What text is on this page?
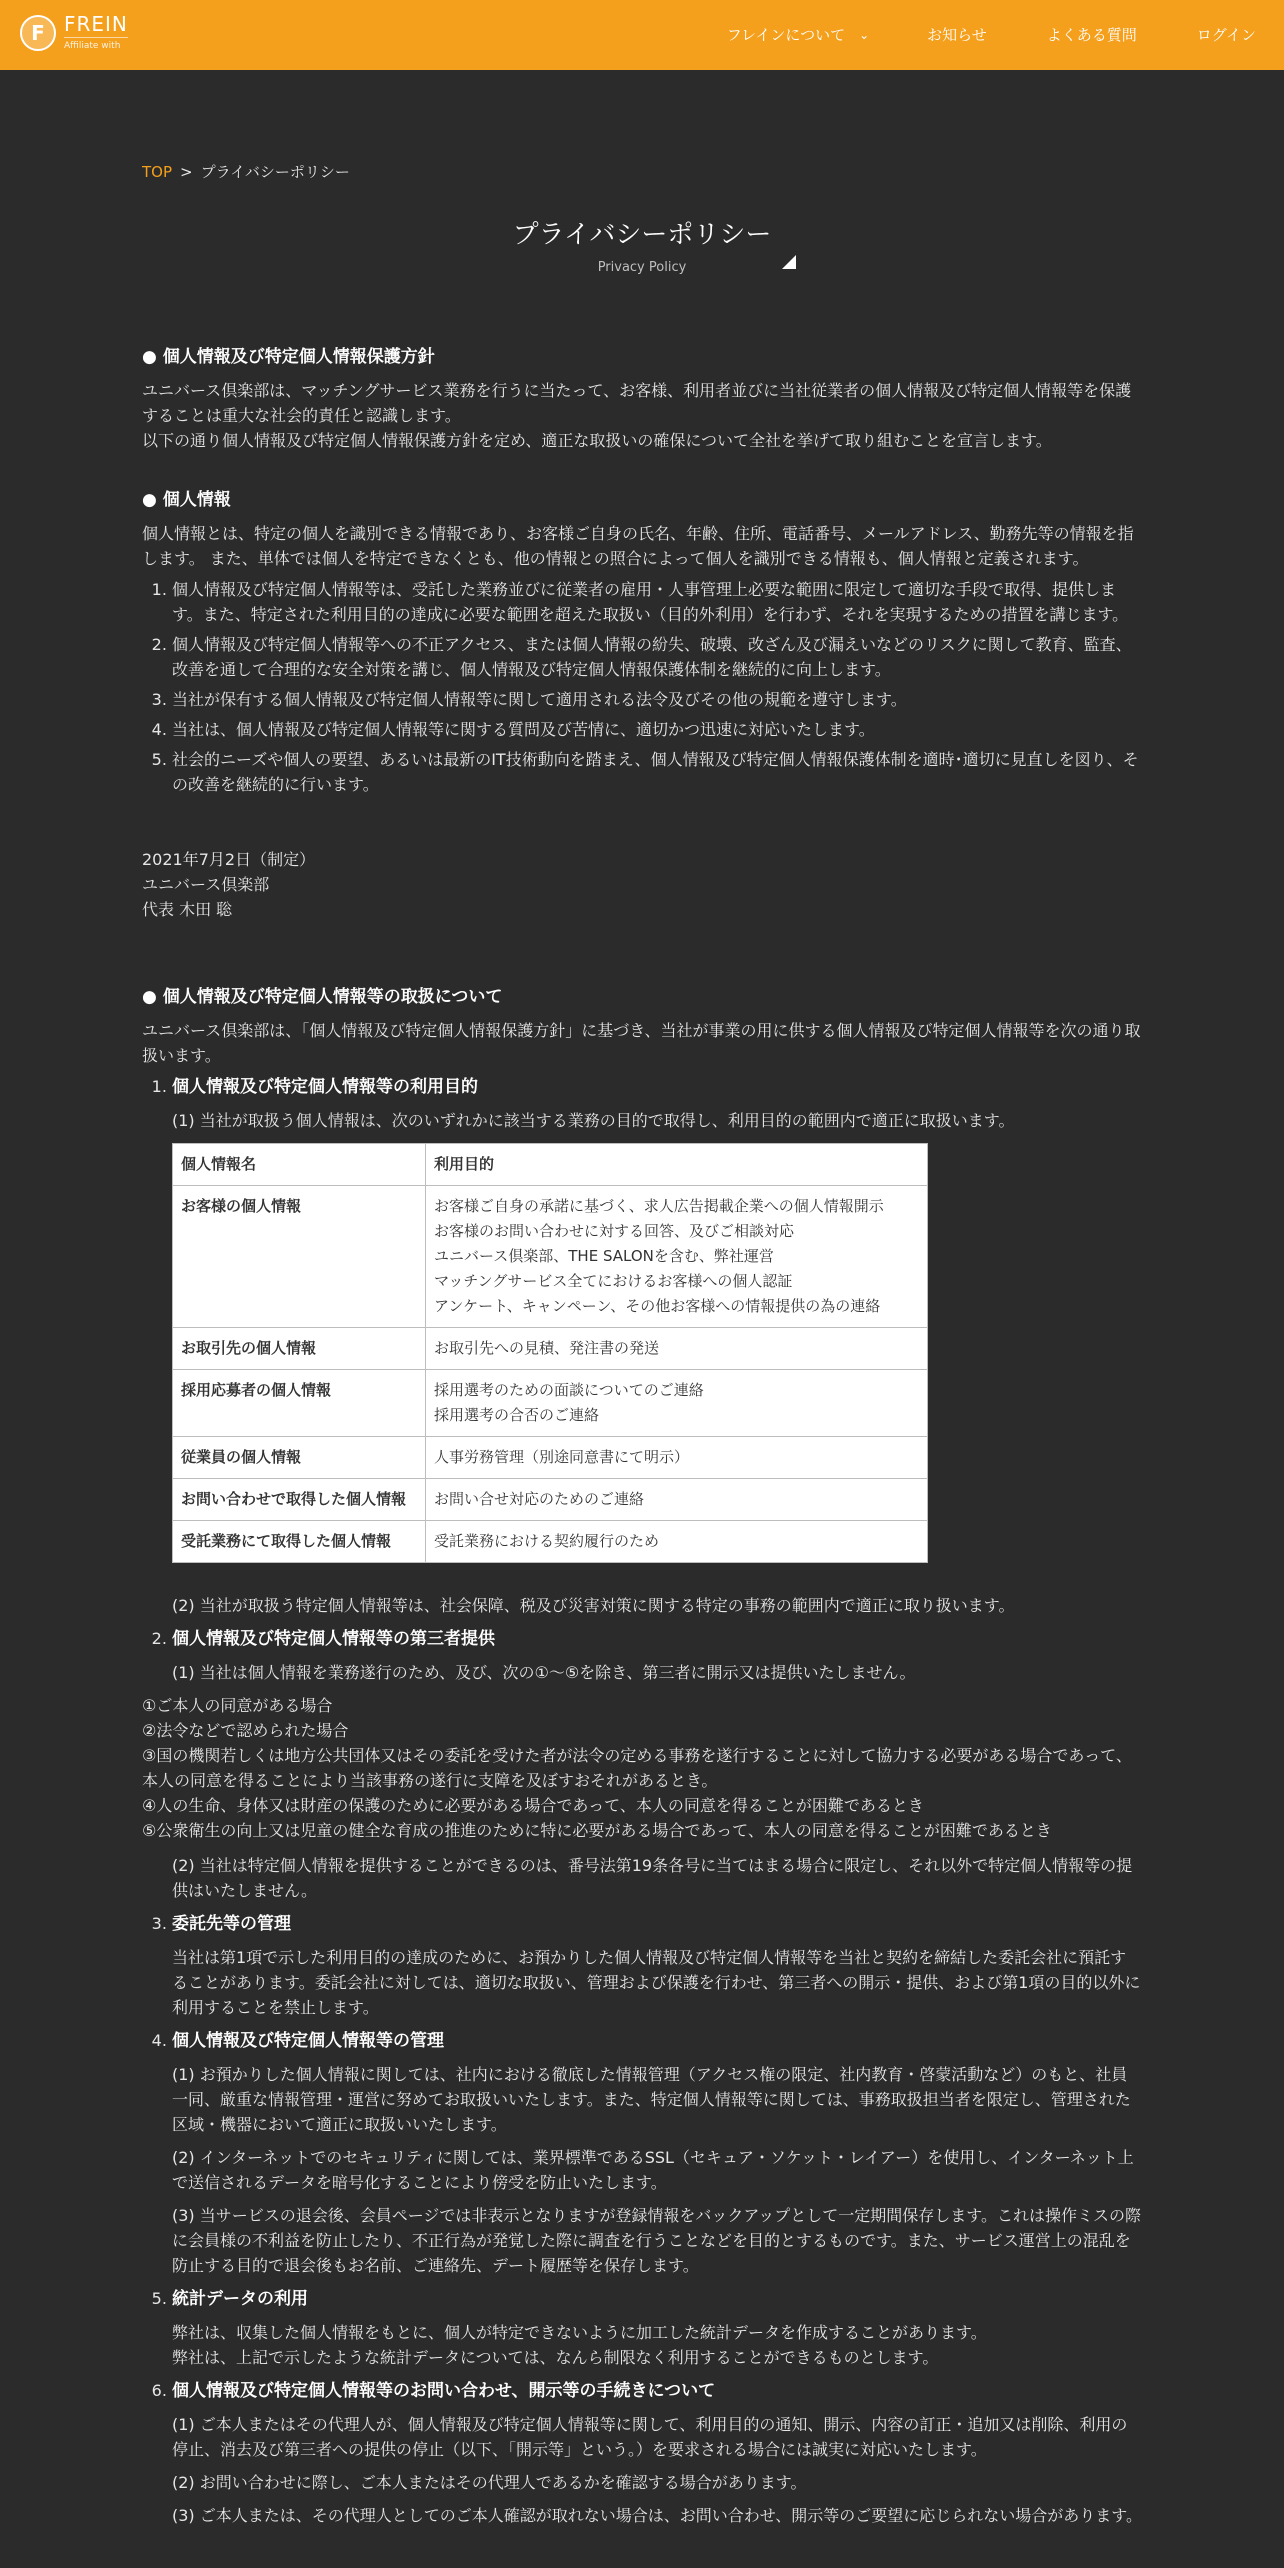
F FREIN
Affiliate with
フレインについて ⌄	お知らせ	よくある質問	ログイン
TOP > プライバシーポリシー
プライバシーポリシー
Privacy Policy
● 個人情報及び特定個人情報保護方針

ユニバース倶楽部は、マッチングサービス業務を行うに当たって、お客様、利用者並びに当社従業者の個人情報及び特定個人情報等を保護することは重大な社会的責任と認識します。

以下の通り個人情報及び特定個人情報保護方針を定め、適正な取扱いの確保について全社を挙げて取り組むことを宣言します。

● 個人情報

個人情報とは、特定の個人を識別できる情報であり、お客様ご自身の氏名、年齢、住所、電話番号、メールアドレス、勤務先等の情報を指します。 また、単体では個人を特定できなくとも、他の情報との照合によって個人を識別できる情報も、個人情報と定義されます。

1. 個人情報及び特定個人情報等は、受託した業務並びに従業者の雇用・人事管理上必要な範囲に限定して適切な手段で取得、提供します。また、特定された利用目的の達成に必要な範囲を超えた取扱い（目的外利用）を行わず、それを実現するための措置を講じます。
2. 個人情報及び特定個人情報等への不正アクセス、または個人情報の紛失、破壊、改ざん及び漏えいなどのリスクに関して教育、監査、改善を通して合理的な安全対策を講じ、個人情報及び特定個人情報保護体制を継続的に向上します。
3. 当社が保有する個人情報及び特定個人情報等に関して適用される法令及びその他の規範を遵守します。
4. 当社は、個人情報及び特定個人情報等に関する質問及び苦情に、適切かつ迅速に対応いたします。
5. 社会的ニーズや個人の要望、あるいは最新のIT技術動向を踏まえ、個人情報及び特定個人情報保護体制を適時･適切に見直しを図り、その改善を継続的に行います。
2021年7月2日（制定）
ユニバース倶楽部
代表 木田 聡
● 個人情報及び特定個人情報等の取扱について

ユニバース倶楽部は、「個人情報及び特定個人情報保護方針」に基づき、当社が事業の用に供する個人情報及び特定個人情報等を次の通り取扱います。

1. 個人情報及び特定個人情報等の利用目的

(1) 当社が取扱う個人情報は、次のいずれかに該当する業務の目的で取得し、利用目的の範囲内で適正に取扱います。

個人情報名	利用目的
お客様の個人情報	お客様ご自身の承諾に基づく、求人広告掲載企業への個人情報開示
お客様のお問い合わせに対する回答、及びご相談対応
ユニバース倶楽部、THE SALONを含む、弊社運営
マッチングサービス全てにおけるお客様への個人認証
アンケート、キャンペーン、その他お客様への情報提供の為の連絡

お取引先の個人情報	お取引先への見積、発注書の発送

採用応募者の個人情報	採用選考のための面談についてのご連絡
採用選考の合否のご連絡

従業員の個人情報	人事労務管理（別途同意書にて明示）

お問い合わせで取得した個人情報	お問い合せ対応のためのご連絡

受託業務にて取得した個人情報	受託業務における契約履行のため

(2) 当社が取扱う特定個人情報等は、社会保障、税及び災害対策に関する特定の事務の範囲内で適正に取り扱います。

2. 個人情報及び特定個人情報等の第三者提供

(1) 当社は個人情報を業務遂行のため、及び、次の①～⑤を除き、第三者に開示又は提供いたしません。

①ご本人の同意がある場合
②法令などで認められた場合
③国の機関若しくは地方公共団体又はその委託を受けた者が法令の定める事務を遂行することに対して協力する必要がある場合であって、本人の同意を得ることにより当該事務の遂行に支障を及ぼすおそれがあるとき。
④人の生命、身体又は財産の保護のために必要がある場合であって、本人の同意を得ることが困難であるとき
⑤公衆衛生の向上又は児童の健全な育成の推進のために特に必要がある場合であって、本人の同意を得ることが困難であるとき

(2) 当社は特定個人情報を提供することができるのは、番号法第19条各号に当てはまる場合に限定し、それ以外で特定個人情報等の提供はいたしません。

3. 委託先等の管理

当社は第1項で示した利用目的の達成のために、お預かりした個人情報及び特定個人情報等を当社と契約を締結した委託会社に預託することがあります。委託会社に対しては、適切な取扱い、管理および保護を行わせ、第三者への開示・提供、および第1項の目的以外に利用することを禁止します。

4. 個人情報及び特定個人情報等の管理

(1) お預かりした個人情報に関しては、社内における徹底した情報管理（アクセス権の限定、社内教育・啓蒙活動など）のもと、社員一同、厳重な情報管理・運営に努めてお取扱いいたします。また、特定個人情報等に関しては、事務取扱担当者を限定し、管理された区域・機器において適正に取扱いいたします。

(2) インターネットでのセキュリティに関しては、業界標準であるSSL（セキュア・ソケット・レイアー）を使用し、インターネット上で送信されるデータを暗号化することにより傍受を防止いたします。

(3) 当サービスの退会後、会員ページでは非表示となりますが登録情報をバックアップとして一定期間保存します。これは操作ミスの際に会員様の不利益を防止したり、不正行為が発覚した際に調査を行うことなどを目的とするものです。また、サービス運営上の混乱を防止する目的で退会後もお名前、ご連絡先、デート履歴等を保存します。

5. 統計データの利用

弊社は、収集した個人情報をもとに、個人が特定できないように加工した統計データを作成することがあります。

弊社は、上記で示したような統計データについては、なんら制限なく利用することができるものとします。

6. 個人情報及び特定個人情報等のお問い合わせ、開示等の手続きについて

(1) ご本人またはその代理人が、個人情報及び特定個人情報等に関して、利用目的の通知、開示、内容の訂正・追加又は削除、利用の停止、消去及び第三者への提供の停止（以下、「開示等」という。）を要求される場合には誠実に対応いたします。

(2) お問い合わせに際し、ご本人またはその代理人であるかを確認する場合があります。

(3) ご本人または、その代理人としてのご本人確認が取れない場合は、お問い合わせ、開示等のご要望に応じられない場合があります。
